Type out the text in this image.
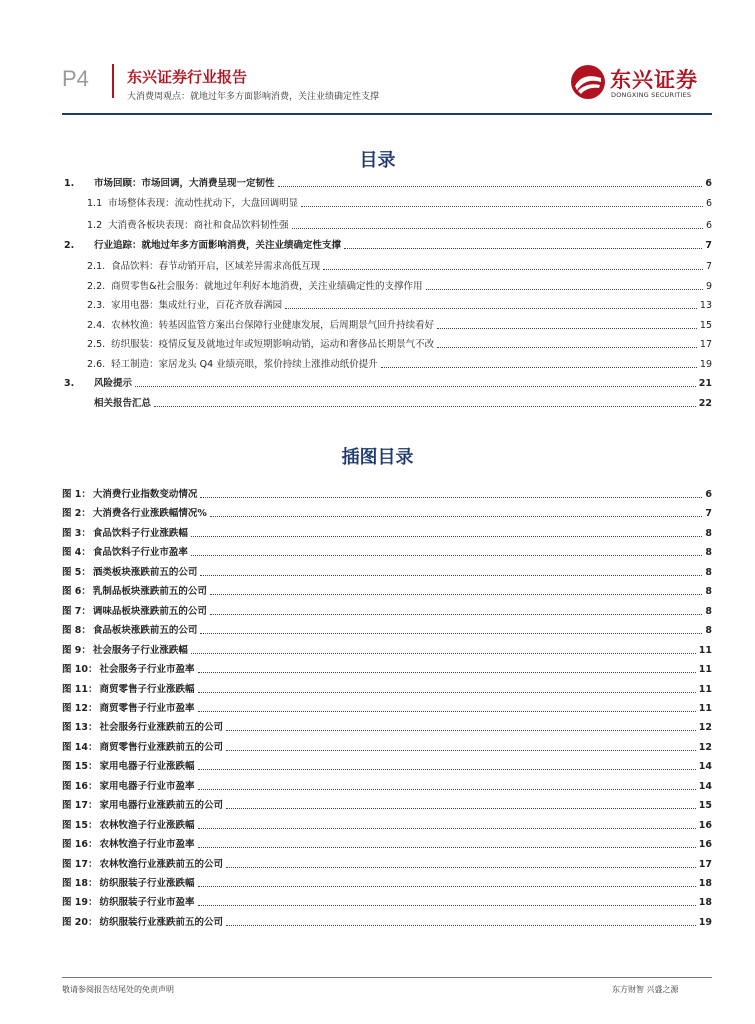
P4	东兴证券行业报告
大消费周观点：就地过年多方面影响消费，关注业绩确定性支撑
东兴证券
DONGXING SECURITIES
目录
1.	市场回顾：市场回调，大消费呈现一定韧性	6
1.1 市场整体表现：流动性扰动下，大盘回调明显	6
1.2 大消费各板块表现：商社和食品饮料韧性强	6
2.	行业追踪：就地过年多方面影响消费，关注业绩确定性支撑	7
2.1. 食品饮料：春节动销开启，区域差异需求高低互现	7
2.2. 商贸零售&社会服务：就地过年利好本地消费，关注业绩确定性的支撑作用	9
2.3. 家用电器：集成灶行业，百花齐放春满园	13
2.4. 农林牧渔：转基因监管方案出台保障行业健康发展，后周期景气回升持续看好	15
2.5. 纺织服装：疫情反复及就地过年或短期影响动销，运动和奢侈品长期景气不改	17
2.6. 轻工制造：家居龙头 Q4 业绩亮眼，浆价持续上涨推动纸价提升	19
3.	风险提示	21
相关报告汇总	22
插图目录
图 1： 大消费行业指数变动情况	6
图 2： 大消费各行业涨跌幅情况%	7
图 3： 食品饮料子行业涨跌幅	8
图 4： 食品饮料子行业市盈率	8
图 5： 酒类板块涨跌前五的公司	8
图 6： 乳制品板块涨跌前五的公司	8
图 7： 调味品板块涨跌前五的公司	8
图 8： 食品板块涨跌前五的公司	8
图 9： 社会服务子行业涨跌幅	11
图 10： 社会服务子行业市盈率	11
图 11： 商贸零售子行业涨跌幅	11
图 12： 商贸零售子行业市盈率	11
图 13： 社会服务行业涨跌前五的公司	12
图 14： 商贸零售行业涨跌前五的公司	12
图 15： 家用电器子行业涨跌幅	14
图 16： 家用电器子行业市盈率	14
图 17： 家用电器行业涨跌前五的公司	15
图 15： 农林牧渔子行业涨跌幅	16
图 16： 农林牧渔子行业市盈率	16
图 17： 农林牧渔行业涨跌前五的公司	17
图 18： 纺织服装子行业涨跌幅	18
图 19： 纺织服装子行业市盈率	18
图 20： 纺织服装行业涨跌前五的公司	19
敬请参阅报告结尾处的免责声明	东方财智 兴盛之源
